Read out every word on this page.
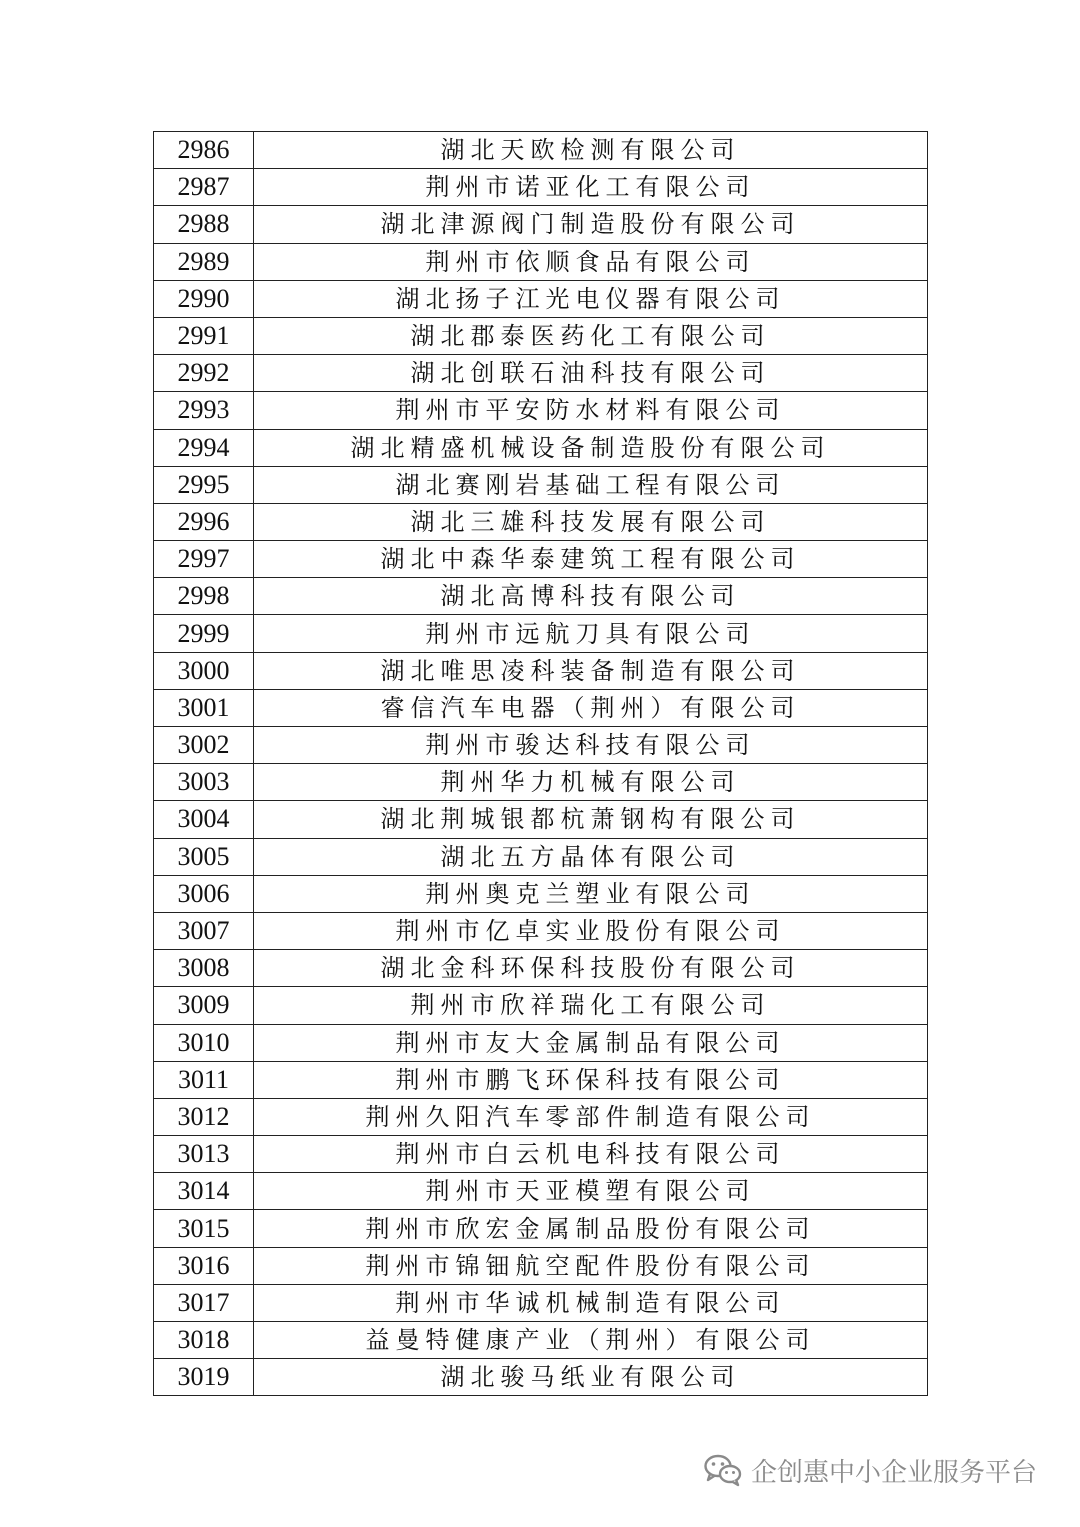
2986	湖北天欧检测有限公司
2987	荆州市诺亚化工有限公司
2988	湖北津源阀门制造股份有限公司
2989	荆州市依顺食品有限公司
2990	湖北扬子江光电仪器有限公司
2991	湖北郡泰医药化工有限公司
2992	湖北创联石油科技有限公司
2993	荆州市平安防水材料有限公司
2994	湖北精盛机械设备制造股份有限公司
2995	湖北赛刚岩基础工程有限公司
2996	湖北三雄科技发展有限公司
2997	湖北中森华泰建筑工程有限公司
2998	湖北高博科技有限公司
2999	荆州市远航刀具有限公司
3000	湖北唯思凌科装备制造有限公司
3001	睿信汽车电器（荆州）有限公司
3002	荆州市骏达科技有限公司
3003	荆州华力机械有限公司
3004	湖北荆城银都杭萧钢构有限公司
3005	湖北五方晶体有限公司
3006	荆州奥克兰塑业有限公司
3007	荆州市亿卓实业股份有限公司
3008	湖北金科环保科技股份有限公司
3009	荆州市欣祥瑞化工有限公司
3010	荆州市友大金属制品有限公司
3011	荆州市鹏飞环保科技有限公司
3012	荆州久阳汽车零部件制造有限公司
3013	荆州市白云机电科技有限公司
3014	荆州市天亚模塑有限公司
3015	荆州市欣宏金属制品股份有限公司
3016	荆州市锦钿航空配件股份有限公司
3017	荆州市华诚机械制造有限公司
3018	益曼特健康产业（荆州）有限公司
3019	湖北骏马纸业有限公司
企创惠中小企业服务平台
